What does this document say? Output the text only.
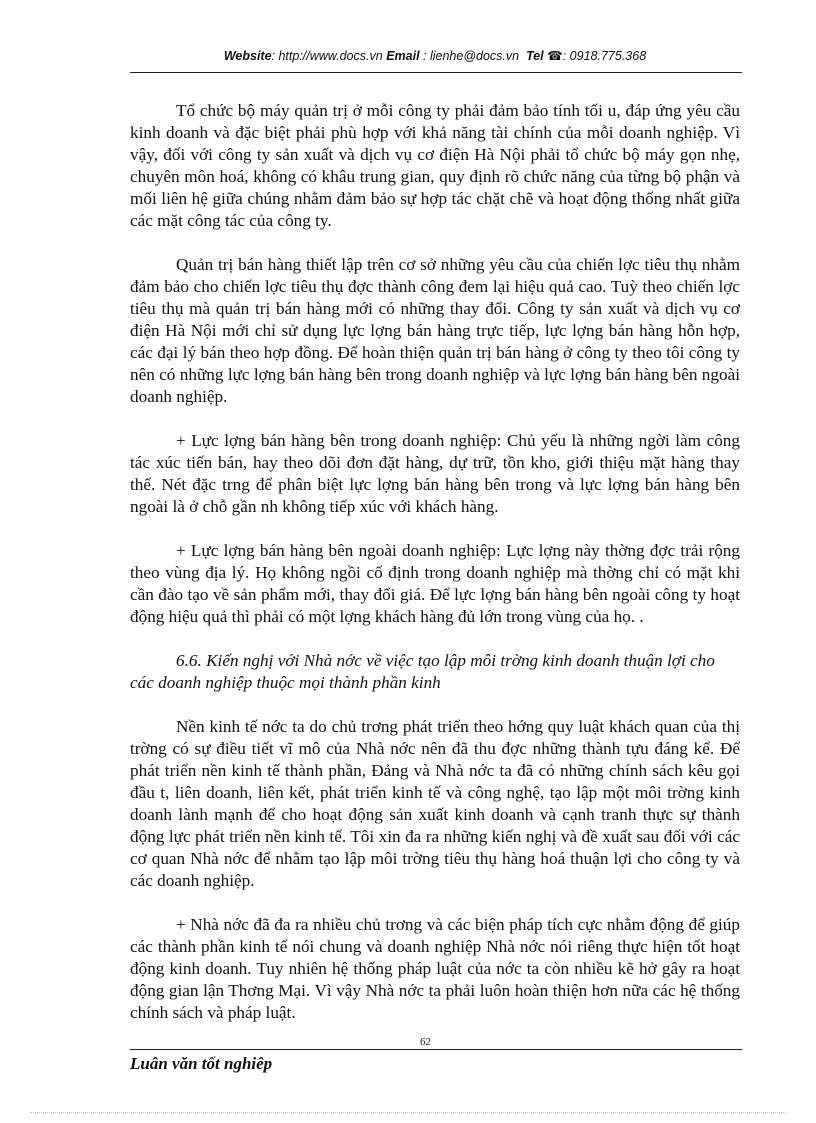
Website: http://www.docs.vn Email : lienhe@docs.vn Tel ☎: 0918.775.368

Tổ chức bộ máy quản trị ở mỗi công ty phải đảm bảo tính tối u, đáp ứng yêu cầu kinh doanh và đặc biệt phải phù hợp với khả năng tài chính của mỗi doanh nghiệp. Vì vậy, đối với công ty sản xuất và dịch vụ cơ điện Hà Nội phải tổ chức bộ máy gọn nhẹ, chuyên môn hoá, không có khâu trung gian, quy định rõ chức năng của từng bộ phận và mối liên hệ giữa chúng nhằm đảm bảo sự hợp tác chặt chẽ và hoạt động thống nhất giữa các mặt công tác của công ty.

Quản trị bán hàng thiết lập trên cơ sở những yêu cầu của chiến lợc tiêu thụ nhằm đảm bảo cho chiến lợc tiêu thụ đợc thành công đem lại hiệu quả cao. Tuỳ theo chiến lợc tiêu thụ mà quản trị bán hàng mới có những thay đổi. Công ty sản xuất và dịch vụ cơ điện Hà Nội mới chỉ sử dụng lực lợng bán hàng trực tiếp, lực lợng bán hàng hỗn hợp, các đại lý bán theo hợp đồng. Để hoàn thiện quản trị bán hàng ở công ty theo tôi công ty nên có những lực lợng bán hàng bên trong doanh nghiệp và lực lợng bán hàng bên ngoài doanh nghiệp.

+ Lực lợng bán hàng bên trong doanh nghiệp: Chủ yếu là những ngời làm công tác xúc tiến bán, hay theo dõi đơn đặt hàng, dự trữ, tồn kho, giới thiệu mặt hàng thay thế. Nét đặc trng để phân biệt lực lợng bán hàng bên trong và lực lợng bán hàng bên ngoài là ở chỗ gần nh không tiếp xúc với khách hàng.

+ Lực lợng bán hàng bên ngoài doanh nghiệp: Lực lợng này thờng đợc trải rộng theo vùng địa lý. Họ không ngồi cố định trong doanh nghiệp mà thờng chỉ có mặt khi cần đào tạo về sản phẩm mới, thay đổi giá. Để lực lợng bán hàng bên ngoài công ty hoạt động hiệu quả thì phải có một lợng khách hàng đủ lớn trong vùng của họ. .

6.6. Kiến nghị với Nhà nớc về việc tạo lập môi trờng kinh doanh thuận lợi cho các doanh nghiệp thuộc mọi thành phần kinh

Nền kinh tế nớc ta do chủ trơng phát triển theo hớng quy luật khách quan của thị trờng có sự điều tiết vĩ mô của Nhà nớc nên đã thu đợc những thành tựu đáng kể. Để phát triển nền kinh tế thành phần, Đảng và Nhà nớc ta đã có những chính sách kêu gọi đầu t, liên doanh, liên kết, phát triển kinh tế và công nghệ, tạo lập một môi trờng kinh doanh lành mạnh để cho hoạt động sản xuất kinh doanh và cạnh tranh thực sự thành động lực phát triển nền kinh tế. Tôi xin đa ra những kiến nghị và đề xuất sau đối với các cơ quan Nhà nớc để nhằm tạo lập môi trờng tiêu thụ hàng hoá thuận lợi cho công ty và các doanh nghiệp.

+ Nhà nớc đã đa ra nhiều chủ trơng và các biện pháp tích cực nhằm động để giúp các thành phần kinh tế nói chung và doanh nghiệp Nhà nớc nói riêng thực hiện tốt hoạt động kinh doanh. Tuy nhiên hệ thống pháp luật của nớc ta còn nhiều kẽ hở gây ra hoạt động gian lận Thơng Mại. Vì vậy Nhà nớc ta phải luôn hoàn thiện hơn nữa các hệ thống chính sách và pháp luật.

62
Luân văn tốt nghiêp
